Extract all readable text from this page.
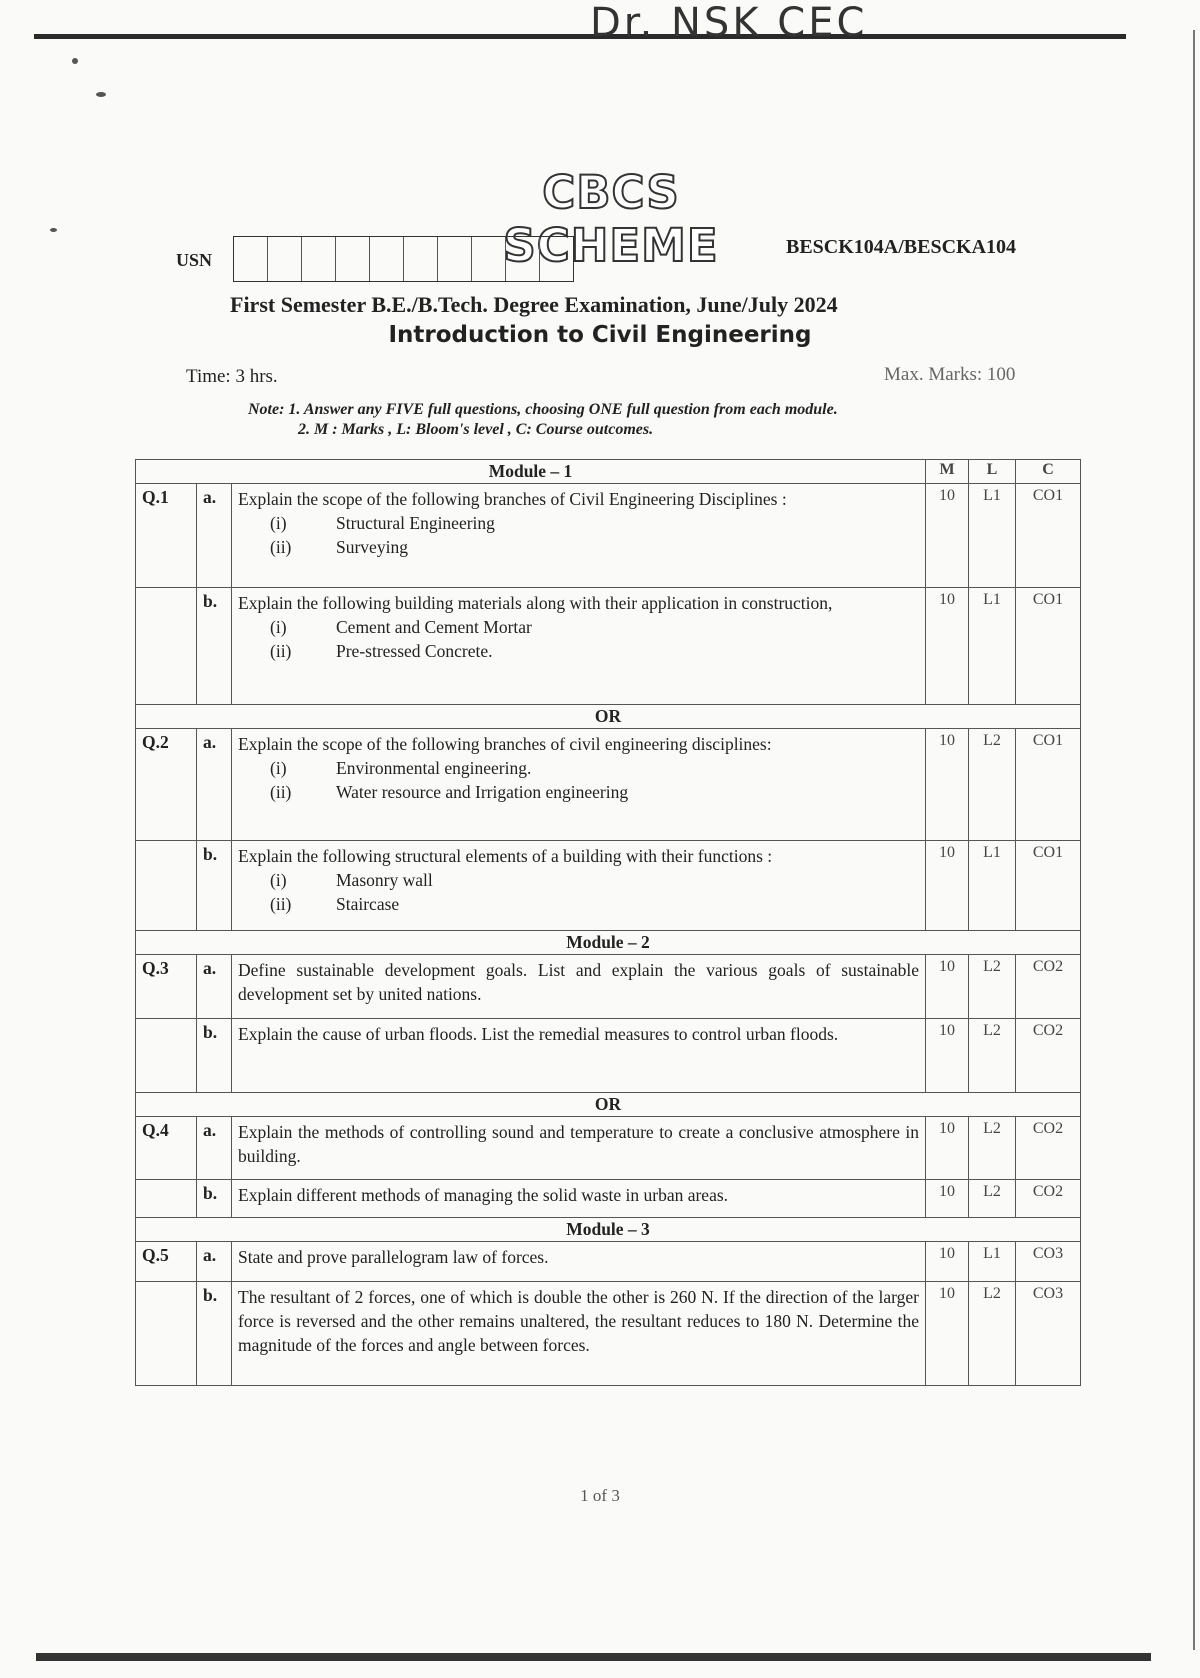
Dr. NSK CEC
CBCS SCHEME
USN
BESCK104A/BESCKA104
First Semester B.E./B.Tech. Degree Examination, June/July 2024
Introduction to Civil Engineering
Time: 3 hrs.	Max. Marks: 100
Note: 1. Answer any FIVE full questions, choosing ONE full question from each module.
2. M : Marks , L: Bloom's level , C: Course outcomes.
Module – 1			M	L	C
Q.1	a.	Explain the scope of the following branches of Civil Engineering Disciplines :
(i) Structural Engineering
(ii) Surveying	10	L1	CO1
	b.	Explain the following building materials along with their application in construction,
(i) Cement and Cement Mortar
(ii) Pre-stressed Concrete.	10	L1	CO1
OR					
Q.2	a.	Explain the scope of the following branches of civil engineering disciplines:
(i) Environmental engineering.
(ii) Water resource and Irrigation engineering	10	L2	CO1
	b.	Explain the following structural elements of a building with their functions :
(i) Masonry wall
(ii) Staircase	10	L1	CO1
Module – 2					
Q.3	a.	Define sustainable development goals. List and explain the various goals of sustainable development set by united nations.	10	L2	CO2
	b.	Explain the cause of urban floods. List the remedial measures to control urban floods.	10	L2	CO2
OR					
Q.4	a.	Explain the methods of controlling sound and temperature to create a conclusive atmosphere in building.	10	L2	CO2
	b.	Explain different methods of managing the solid waste in urban areas.	10	L2	CO2
Module – 3					
Q.5	a.	State and prove parallelogram law of forces.	10	L1	CO3
	b.	The resultant of 2 forces, one of which is double the other is 260 N. If the direction of the larger force is reversed and the other remains unaltered, the resultant reduces to 180 N. Determine the magnitude of the forces and angle between forces.	10	L2	CO3
1 of 3
